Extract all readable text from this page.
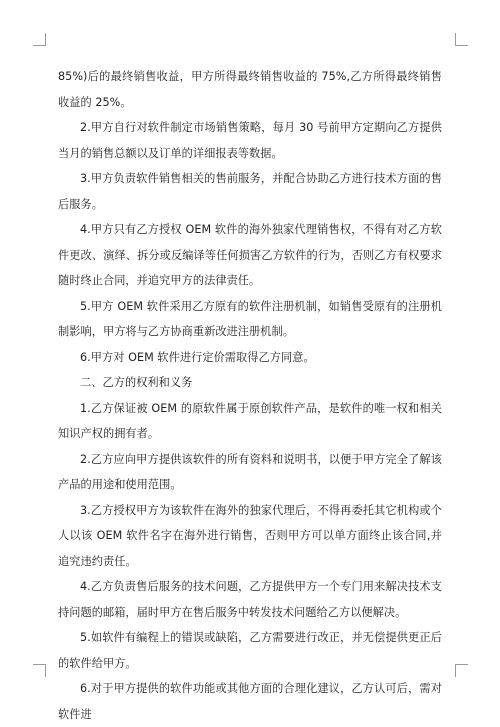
85%)后的最终销售收益，甲方所得最终销售收益的 75%,乙方所得最终销售收益的 25%。

2.甲方自行对软件制定市场销售策略，每月 30 号前甲方定期向乙方提供当月的销售总额以及订单的详细报表等数据。

3.甲方负责软件销售相关的售前服务，并配合协助乙方进行技术方面的售后服务。

4.甲方只有乙方授权 OEM 软件的海外独家代理销售权，不得有对乙方软件更改、演绎、拆分或反编译等任何损害乙方软件的行为，否则乙方有权要求随时终止合同，并追究甲方的法律责任。

5.甲方 OEM 软件采用乙方原有的软件注册机制，如销售受原有的注册机制影响，甲方将与乙方协商重新改进注册机制。

6.甲方对 OEM 软件进行定价需取得乙方同意。

二、乙方的权利和义务

1.乙方保证被 OEM 的原软件属于原创软件产品，是软件的唯一权和相关知识产权的拥有者。

2.乙方应向甲方提供该软件的所有资料和说明书，以便于甲方完全了解该产品的用途和使用范围。

3.乙方授权甲方为该软件在海外的独家代理后，不得再委托其它机构或个人以该 OEM 软件名字在海外进行销售，否则甲方可以单方面终止该合同,并追究违约责任。

4.乙方负责售后服务的技术问题，乙方提供甲方一个专门用来解决技术支持问题的邮箱，届时甲方在售后服务中转发技术问题给乙方以便解决。

5.如软件有编程上的错误或缺陷，乙方需要进行改正，并无偿提供更正后的软件给甲方。

6.对于甲方提供的软件功能或其他方面的合理化建议，乙方认可后，需对软件进
